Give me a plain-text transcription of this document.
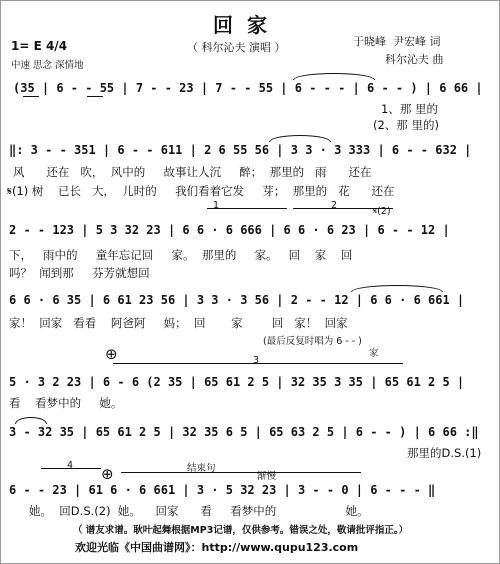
回家
（ 科尔沁夫 演唱 ）
1= E 4/4
中速 思念 深情地
于晓峰  尹宏峰 词
科尔沁夫 曲
(35 | 6 - - 55 | 7 - - 23 | 7 - - 55 | 6 - - - | 6 - - ) | 6 66 |
1、那 里的
(2、那 里的)
‖: 3 - - 351 | 6 - - 611 | 2 6 55 56 | 3 3 · 3 333 | 6 - - 632 |
风      还在   吹，  风中的     故事让人沉     醉；  那里的   雨      还在
𝄋(1) 树    已长   大，  儿时的     我们看着它发     芽；  那里的   花      还在
1	2
𝄋(2)
2 - - 123 | 5 3 32 23 | 6 6 · 6 666 | 6 6 · 6 23 | 6 - - 12 |
下，   雨中的     童年忘记回     家。  那里的     家。   回    家    回
吗？  闻到那     芬芳就想回
6 6 · 6 35 | 6 61 23 56 | 3 3 · 3 56 | 2 - - 12 | 6 6 · 6 661 |
家！  回家   看看    阿爸阿     妈；  回       家        回   家！  回家
(最后反复时唱为 6 - - )
家
⊕	3
5 · 3 2 23 | 6 - 6 (2 35 | 65 61 2 5 | 32 35 3 35 | 65 61 2 5 |
看    看梦中的     她。
3 - 32 35 | 65 61 2 5 | 32 35 6 5 | 65 63 2 5 | 6 - - ) | 6 66 :‖
那里的D.S.(1)
4 ⊕	结束句
渐慢
6 - - 23 | 61 6 · 6 661 | 3 · 5 32 23 | 3 - - 0 | 6 - - - ‖
她。  回D.S.(2)  她。    回家      看     看梦中的                   她。
（ 谱友求谱。耿叶起舞根据MP3记谱，仅供参考。错误之处，敬请批评指正。）
欢迎光临《中国曲谱网》：http://www.qupu123.com
